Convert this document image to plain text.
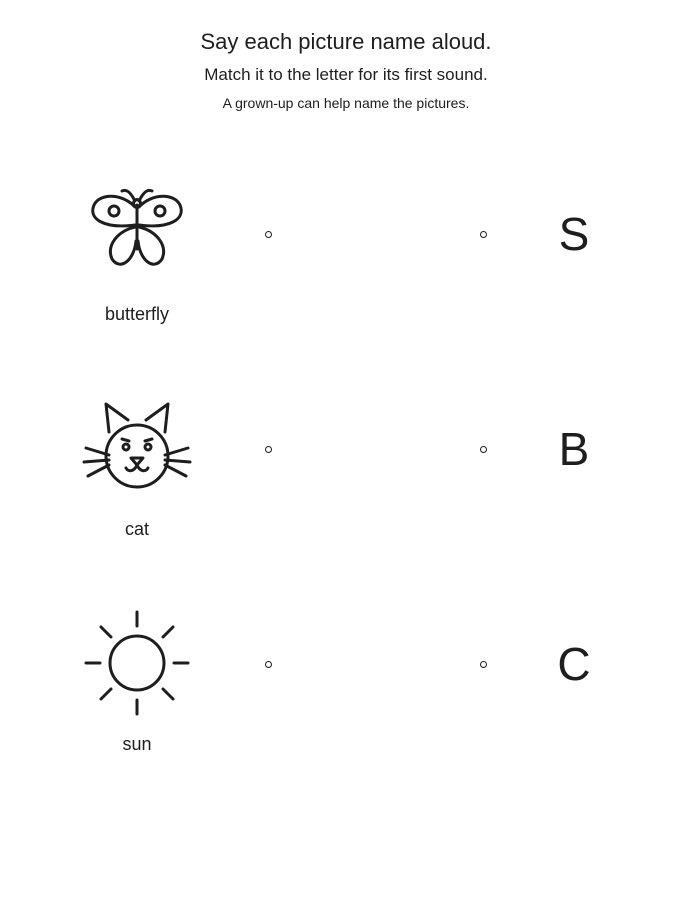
Say each picture name aloud.

Match it to the letter for its first sound.

A grown-up can help name the pictures.

butterfly
S
cat
B
sun
C
